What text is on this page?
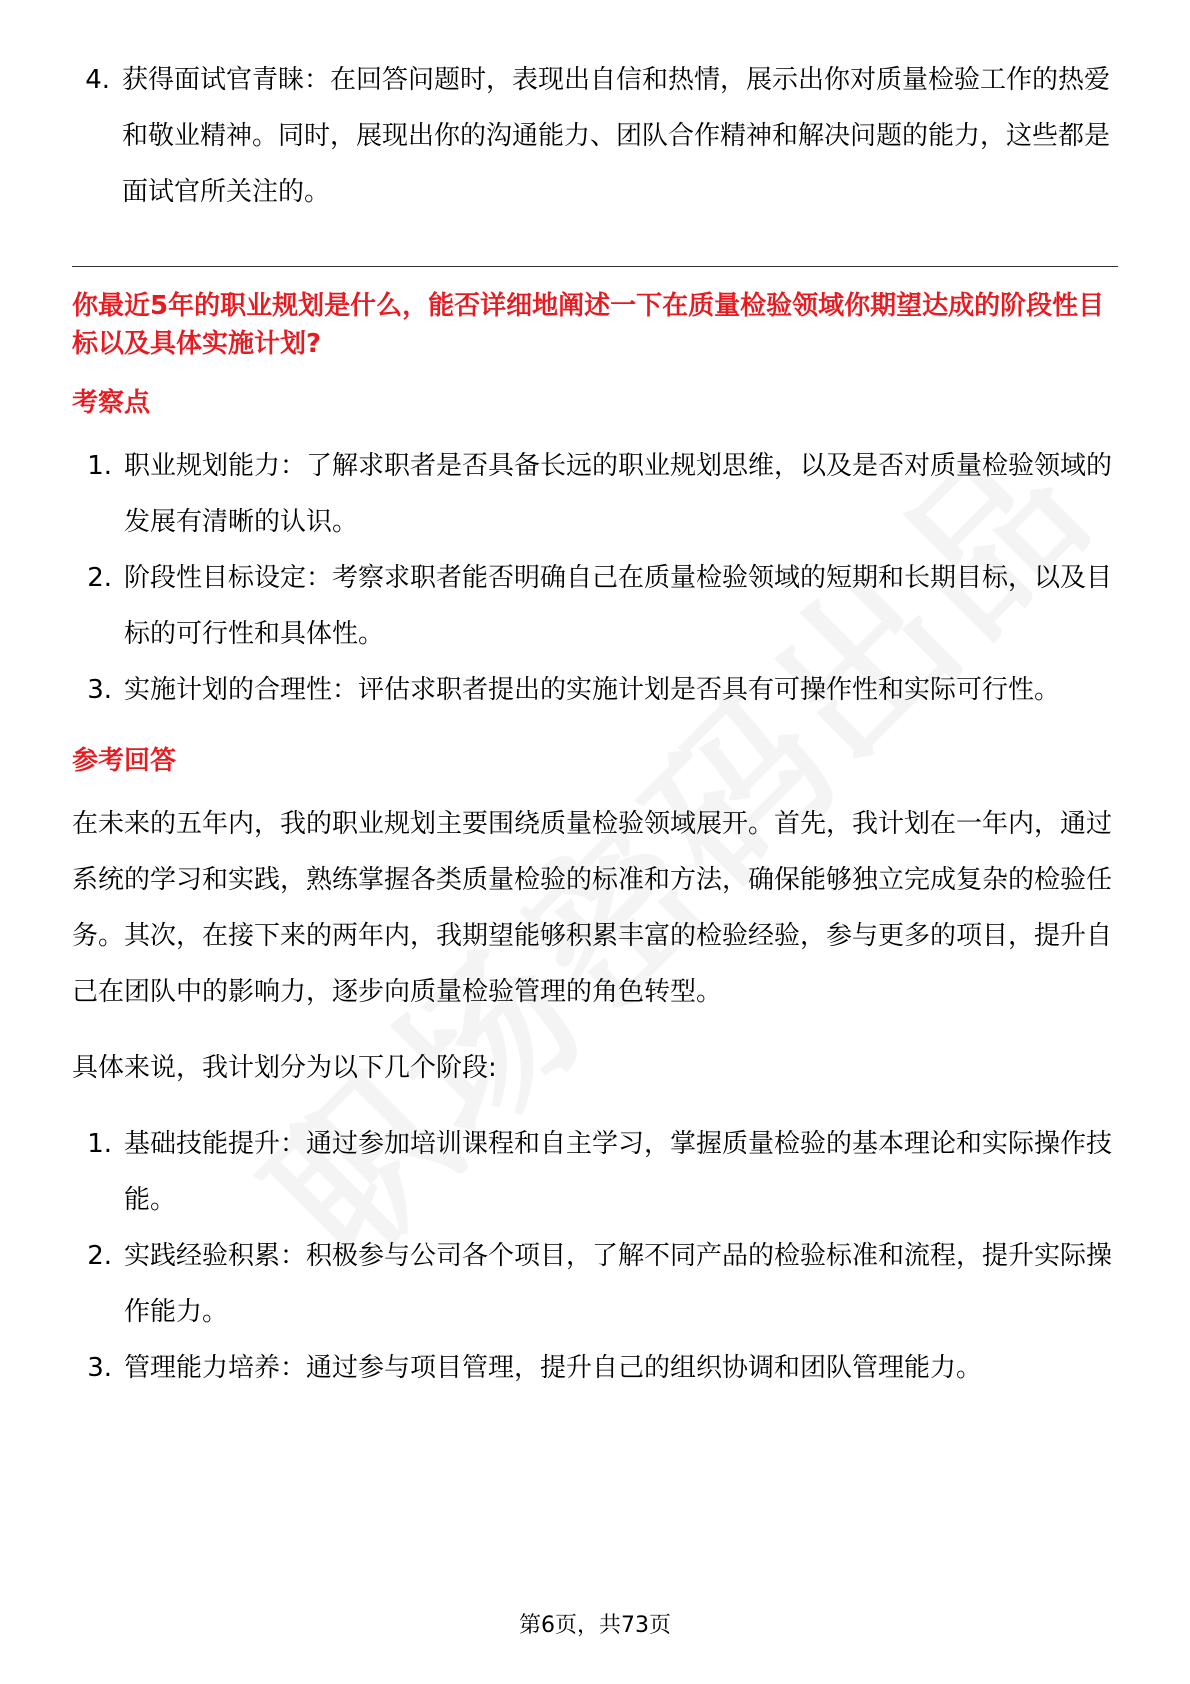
4. 获得面试官青睐：在回答问题时，表现出自信和热情，展示出你对质量检验工作的热爱和敬业精神。同时，展现出你的沟通能力、团队合作精神和解决问题的能力，这些都是面试官所关注的。
你最近5年的职业规划是什么，能否详细地阐述一下在质量检验领域你期望达成的阶段性目标以及具体实施计划?
考察点
1. 职业规划能力：了解求职者是否具备长远的职业规划思维，以及是否对质量检验领域的发展有清晰的认识。
2. 阶段性目标设定：考察求职者能否明确自己在质量检验领域的短期和长期目标，以及目标的可行性和具体性。
3. 实施计划的合理性：评估求职者提出的实施计划是否具有可操作性和实际可行性。
参考回答

在未来的五年内，我的职业规划主要围绕质量检验领域展开。首先，我计划在一年内，通过系统的学习和实践，熟练掌握各类质量检验的标准和方法，确保能够独立完成复杂的检验任务。其次，在接下来的两年内，我期望能够积累丰富的检验经验，参与更多的项目，提升自己在团队中的影响力，逐步向质量检验管理的角色转型。

具体来说，我计划分为以下几个阶段:

1. 基础技能提升：通过参加培训课程和自主学习，掌握质量检验的基本理论和实际操作技能。
2. 实践经验积累：积极参与公司各个项目，了解不同产品的检验标准和流程，提升实际操作能力。
3. 管理能力培养：通过参与项目管理，提升自己的组织协调和团队管理能力。
第6页，共73页
